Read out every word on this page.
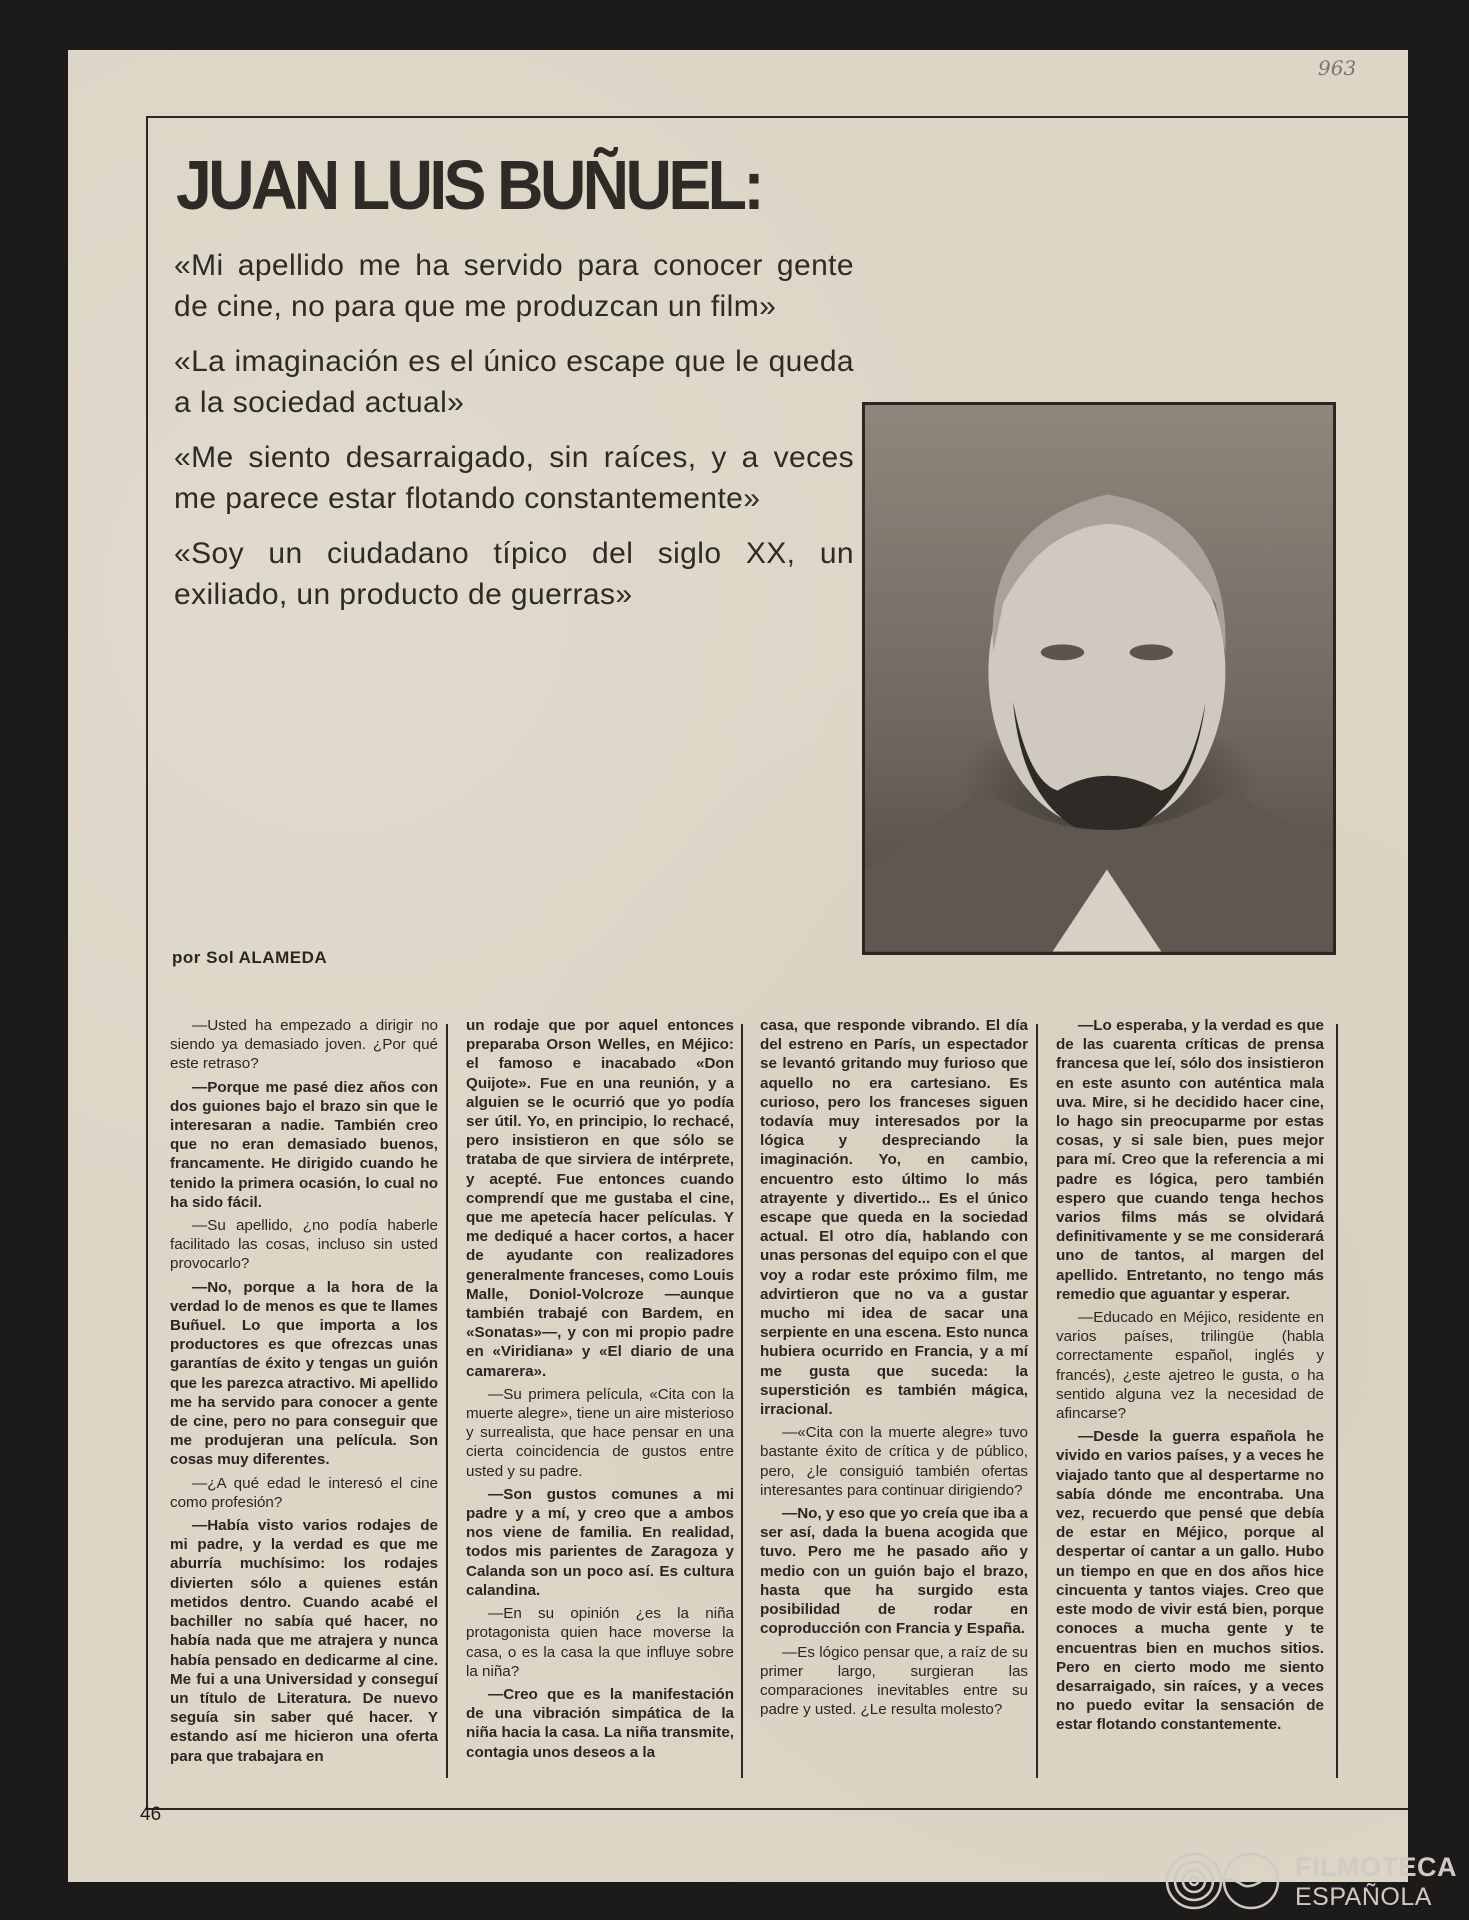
963
JUAN LUIS BUÑUEL:

«Mi apellido me ha servido para conocer gente de cine, no para que me produzcan un film»

«La imaginación es el único escape que le queda a la sociedad actual»

«Me siento desarraigado, sin raíces, y a veces me parece estar flotando constantemente»

«Soy un ciudadano típico del siglo XX, un exiliado, un producto de guerras»

por Sol ALAMEDA

—Usted ha empezado a dirigir no siendo ya demasiado joven. ¿Por qué este retraso?

—Porque me pasé diez años con dos guiones bajo el brazo sin que le interesaran a nadie. También creo que no eran demasiado buenos, francamente. He dirigido cuando he tenido la primera ocasión, lo cual no ha sido fácil.

—Su apellido, ¿no podía haberle facilitado las cosas, incluso sin usted provocarlo?

—No, porque a la hora de la verdad lo de menos es que te llames Buñuel. Lo que importa a los productores es que ofrezcas unas garantías de éxito y tengas un guión que les parezca atractivo. Mi apellido me ha servido para conocer a gente de cine, pero no para conseguir que me produjeran una película. Son cosas muy diferentes.

—¿A qué edad le interesó el cine como profesión?

—Había visto varios rodajes de mi padre, y la verdad es que me aburría muchísimo: los rodajes divierten sólo a quienes están metidos dentro. Cuando acabé el bachiller no sabía qué hacer, no había nada que me atrajera y nunca había pensado en dedicarme al cine. Me fui a una Universidad y conseguí un título de Literatura. De nuevo seguía sin saber qué hacer. Y estando así me hicieron una oferta para que trabajara en

un rodaje que por aquel entonces preparaba Orson Welles, en Méjico: el famoso e inacabado «Don Quijote». Fue en una reunión, y a alguien se le ocurrió que yo podía ser útil. Yo, en principio, lo rechacé, pero insistieron en que sólo se trataba de que sirviera de intérprete, y acepté. Fue entonces cuando comprendí que me gustaba el cine, que me apetecía hacer películas. Y me dediqué a hacer cortos, a hacer de ayudante con realizadores generalmente franceses, como Louis Malle, Doniol-Volcroze —aunque también trabajé con Bardem, en «Sonatas»—, y con mi propio padre en «Viridiana» y «El diario de una camarera».

—Su primera película, «Cita con la muerte alegre», tiene un aire misterioso y surrealista, que hace pensar en una cierta coincidencia de gustos entre usted y su padre.

—Son gustos comunes a mi padre y a mí, y creo que a ambos nos viene de familia. En realidad, todos mis parientes de Zaragoza y Calanda son un poco así. Es cultura calandina.

—En su opinión ¿es la niña protagonista quien hace moverse la casa, o es la casa la que influye sobre la niña?

—Creo que es la manifestación de una vibración simpática de la niña hacia la casa. La niña transmite, contagia unos deseos a la

casa, que responde vibrando. El día del estreno en París, un espectador se levantó gritando muy furioso que aquello no era cartesiano. Es curioso, pero los franceses siguen todavía muy interesados por la lógica y despreciando la imaginación. Yo, en cambio, encuentro esto último lo más atrayente y divertido... Es el único escape que queda en la sociedad actual. El otro día, hablando con unas personas del equipo con el que voy a rodar este próximo film, me advirtieron que no va a gustar mucho mi idea de sacar una serpiente en una escena. Esto nunca hubiera ocurrido en Francia, y a mí me gusta que suceda: la superstición es también mágica, irracional.

—«Cita con la muerte alegre» tuvo bastante éxito de crítica y de público, pero, ¿le consiguió también ofertas interesantes para continuar dirigiendo?

—No, y eso que yo creía que iba a ser así, dada la buena acogida que tuvo. Pero me he pasado año y medio con un guión bajo el brazo, hasta que ha surgido esta posibilidad de rodar en coproducción con Francia y España.

—Es lógico pensar que, a raíz de su primer largo, surgieran las comparaciones inevitables entre su padre y usted. ¿Le resulta molesto?

—Lo esperaba, y la verdad es que de las cuarenta críticas de prensa francesa que leí, sólo dos insistieron en este asunto con auténtica mala uva. Mire, si he decidido hacer cine, lo hago sin preocuparme por estas cosas, y si sale bien, pues mejor para mí. Creo que la referencia a mi padre es lógica, pero también espero que cuando tenga hechos varios films más se olvidará definitivamente y se me considerará uno de tantos, al margen del apellido. Entretanto, no tengo más remedio que aguantar y esperar.

—Educado en Méjico, residente en varios países, trilingüe (habla correctamente español, inglés y francés), ¿este ajetreo le gusta, o ha sentido alguna vez la necesidad de afincarse?

—Desde la guerra española he vivido en varios países, y a veces he viajado tanto que al despertarme no sabía dónde me encontraba. Una vez, recuerdo que pensé que debía de estar en Méjico, porque al despertar oí cantar a un gallo. Hubo un tiempo en que en dos años hice cincuenta y tantos viajes. Creo que este modo de vivir está bien, porque conoces a mucha gente y te encuentras bien en muchos sitios. Pero en cierto modo me siento desarraigado, sin raíces, y a veces no puedo evitar la sensación de estar flotando constantemente.

46
FILMOTECA
ESPAÑOLA
